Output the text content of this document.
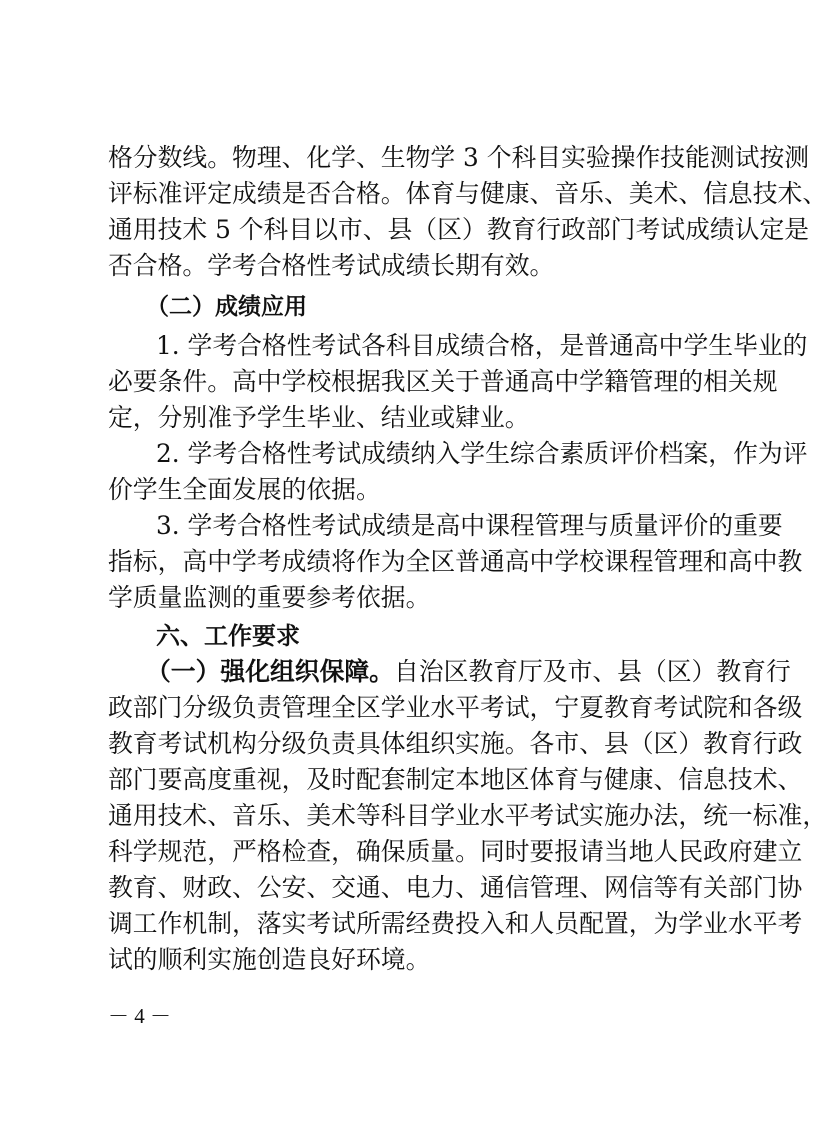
格分数线。物理、化学、生物学 3 个科目实验操作技能测试按测
评标准评定成绩是否合格。体育与健康、音乐、美术、信息技术、
通用技术 5 个科目以市、县（区）教育行政部门考试成绩认定是
否合格。学考合格性考试成绩长期有效。
（二）成绩应用
1. 学考合格性考试各科目成绩合格，是普通高中学生毕业的
必要条件。高中学校根据我区关于普通高中学籍管理的相关规
定，分别准予学生毕业、结业或肄业。
2. 学考合格性考试成绩纳入学生综合素质评价档案，作为评
价学生全面发展的依据。
3. 学考合格性考试成绩是高中课程管理与质量评价的重要
指标，高中学考成绩将作为全区普通高中学校课程管理和高中教
学质量监测的重要参考依据。
六、工作要求
（一）强化组织保障。自治区教育厅及市、县（区）教育行
政部门分级负责管理全区学业水平考试，宁夏教育考试院和各级
教育考试机构分级负责具体组织实施。各市、县（区）教育行政
部门要高度重视，及时配套制定本地区体育与健康、信息技术、
通用技术、音乐、美术等科目学业水平考试实施办法，统一标准，
科学规范，严格检查，确保质量。同时要报请当地人民政府建立
教育、财政、公安、交通、电力、通信管理、网信等有关部门协
调工作机制，落实考试所需经费投入和人员配置，为学业水平考
试的顺利实施创造良好环境。
－ 4 －
